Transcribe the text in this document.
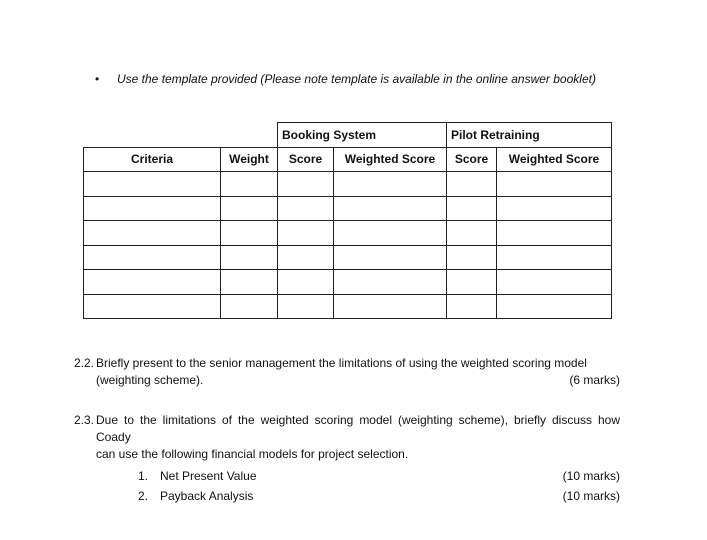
• Use the template provided (Please note template is available in the online answer booklet)
		Booking System		Pilot Retraining	
Criteria	Weight	Score	Weighted Score	Score	Weighted Score

2.2. Briefly present to the senior management the limitations of using the weighted scoring model
(weighting scheme).	(6 marks)
2.3. Due to the limitations of the weighted scoring model (weighting scheme), briefly discuss how Coady
can use the following financial models for project selection.
1. Net Present Value	(10 marks)
2. Payback Analysis	(10 marks)
